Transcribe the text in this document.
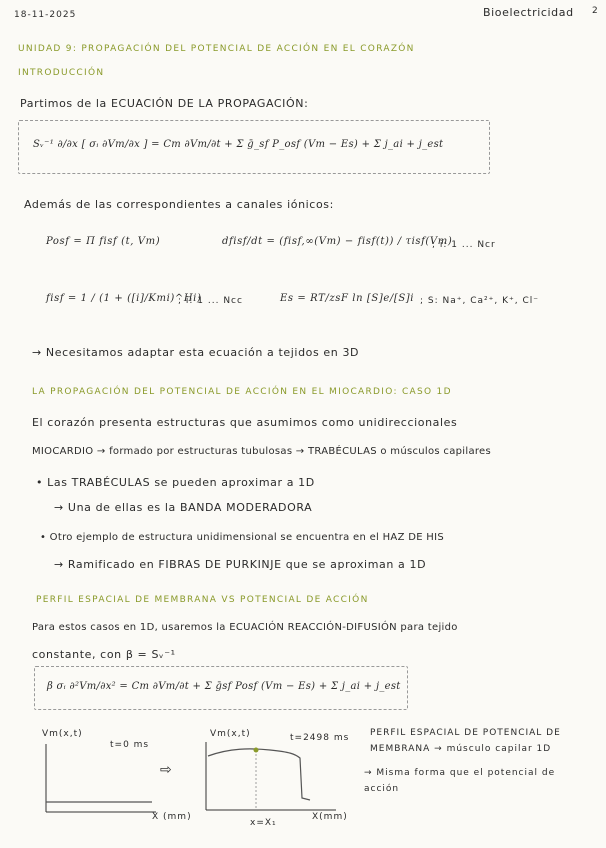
18-11-2025	Bioelectricidad 2
UNIDAD 9: PROPAGACIÓN DEL POTENCIAL DE ACCIÓN EN EL CORAZÓN
INTRODUCCIÓN
Partimos de la ECUACIÓN DE LA PROPAGACIÓN:
Sᵥ⁻¹ ∂/∂x [ σᵢ ∂Vm/∂x ] = Cm ∂Vm/∂t + Σ ḡ_sf P_osf (Vm − Es) + Σ j_ai + j_est
Además de las correspondientes a canales iónicos:
Posf = Π fisf (t, Vm)	dfisf/dt = (fisf,∞(Vm) − fisf(t)) / τisf(Vm)
; i: 1 ... Ncr
fisf = 1 / (1 + ([i]/Kmi)^Hi)
; i: 1 ... Ncc	Es = RT/zsF ln [S]e/[S]i ; S: Na⁺, Ca²⁺, K⁺, Cl⁻
→ Necesitamos adaptar esta ecuación a tejidos en 3D
LA PROPAGACIÓN DEL POTENCIAL DE ACCIÓN EN EL MIOCARDIO: CASO 1D
El corazón presenta estructuras que asumimos como unidireccionales
MIOCARDIO → formado por estructuras tubulosas → TRABÉCULAS o músculos capilares
• Las TRABÉCULAS se pueden aproximar a 1D
→ Una de ellas es la BANDA MODERADORA
• Otro ejemplo de estructura unidimensional se encuentra en el HAZ DE HIS
→ Ramificado en FIBRAS DE PURKINJE que se aproximan a 1D
PERFIL ESPACIAL DE MEMBRANA VS POTENCIAL DE ACCIÓN
Para estos casos en 1D, usaremos la ECUACIÓN REACCIÓN-DIFUSIÓN para tejido
constante, con β = Sᵥ⁻¹
β σᵢ ∂²Vm/∂x² = Cm ∂Vm/∂t + Σ ḡsf Posf (Vm − Es) + Σ j_ai + j_est
Vm(x,t)
t=0 ms
X (mm)
⇨
Vm(x,t)	t=2498 ms
x=X₁
X(mm)
PERFIL ESPACIAL DE POTENCIAL DE
MEMBRANA → músculo capilar 1D
→ Misma forma que el potencial de
acción
